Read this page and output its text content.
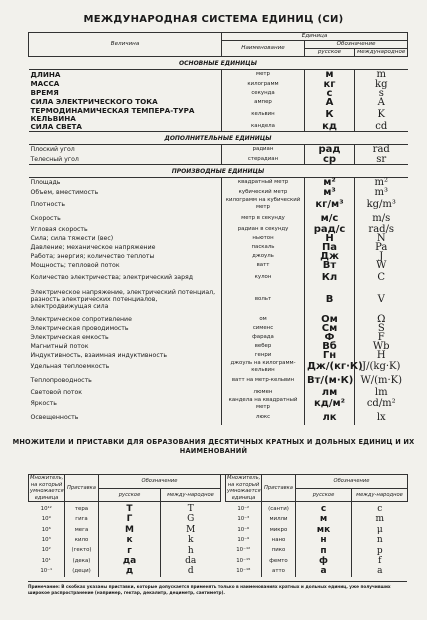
МЕЖДУНАРОДНАЯ СИСТЕМА ЕДИНИЦ (СИ)
Величина	Единица		
	Наименование	Обозначение	
		русское	международное
ОСНОВНЫЕ ЕДИНИЦЫ			
ДЛИНА	метр	м	m
МАССА	килограмм	кг	kg
ВРЕМЯ	секунда	с	s
СИЛА ЭЛЕКТРИЧЕСКОГО ТОКА	ампер	А	A
ТЕРМОДИНАМИЧЕСКАЯ ТЕМПЕРА-ТУРА КЕЛЬВИНА	кельвин	К	K
СИЛА СВЕТА	кандела	кд	cd
ДОПОЛНИТЕЛЬНЫЕ ЕДИНИЦЫ			
Плоский угол	радиан	рад	rad
Телесный угол	стерадиан	ср	sr
ПРОИЗВОДНЫЕ ЕДИНИЦЫ			
Площадь	квадратный метр	м²	m²
Объем, вместимость	кубический метр	м³	m³
Плотность	килограмм на кубический метр	кг/м³	kg/m³
Скорость	метр в секунду	м/с	m/s
Угловая скорость	радиан в секунду	рад/с	rad/s
Сила; сила тяжести (вес)	ньютон	Н	N
Давление; механическое напряжение	паскаль	Па	Pa
Работа; энергия; количество теплоты	джоуль	Дж	J
Мощность; тепловой поток	ватт	Вт	W
Количество электричества; электрический заряд	кулон	Кл	C
Электрическое напряжение, электрический потенциал, разность электрических потенциалов, электродвижущая сила	вольт	В	V
Электрическое сопротивление	ом	Ом	Ω
Электрическая проводимость	сименс	См	S
Электрическая емкость	фарада	Ф	F
Магнитный поток	вебер	Вб	Wb
Индуктивность, взаимная индуктивность	генри	Гн	H
Удельная теплоемкость	джоуль на килограмм-кельвин	Дж/(кг·К)	J/(kg·K)
Теплопроводность	ватт на метр-кельвин	Вт/(м·К)	W/(m·K)
Световой поток	люмен	лм	lm
Яркость	кандела на квадратный метр	кд/м²	cd/m²
Освещенность	люкс	лк	lx
МНОЖИТЕЛИ И ПРИСТАВКИ ДЛЯ ОБРАЗОВАНИЯ ДЕСЯТИЧНЫХ КРАТНЫХ И ДОЛЬНЫХ ЕДИНИЦ И ИХ НАИМЕНОВАНИЙ
Множитель, на который умножается единица	Приставка	Обозначение	
		русское	между-народное
10¹²	тера	Т	T
10⁹	гига	Г	G
10⁶	мега	М	M
10³	кило	к	k
10²	(гекто)	г	h
10¹	(дека)	да	da
10⁻¹	(деци)	д	d
Множитель, на который умножается единица	Приставка	Обозначение	
		русское	между-народное
10⁻²	(санти)	с	c
10⁻³	милли	м	m
10⁻⁶	микро	мк	μ
10⁻⁹	нано	н	n
10⁻¹²	пико	п	p
10⁻¹⁵	фемто	ф	f
10⁻¹⁸	атто	а	a
Примечание: В скобках указаны приставки, которые допускается применять только в наименованиях кратных и дольных единиц, уже получивших широкое распространение (например, гектар, декалитр, дециметр, сантиметр).
